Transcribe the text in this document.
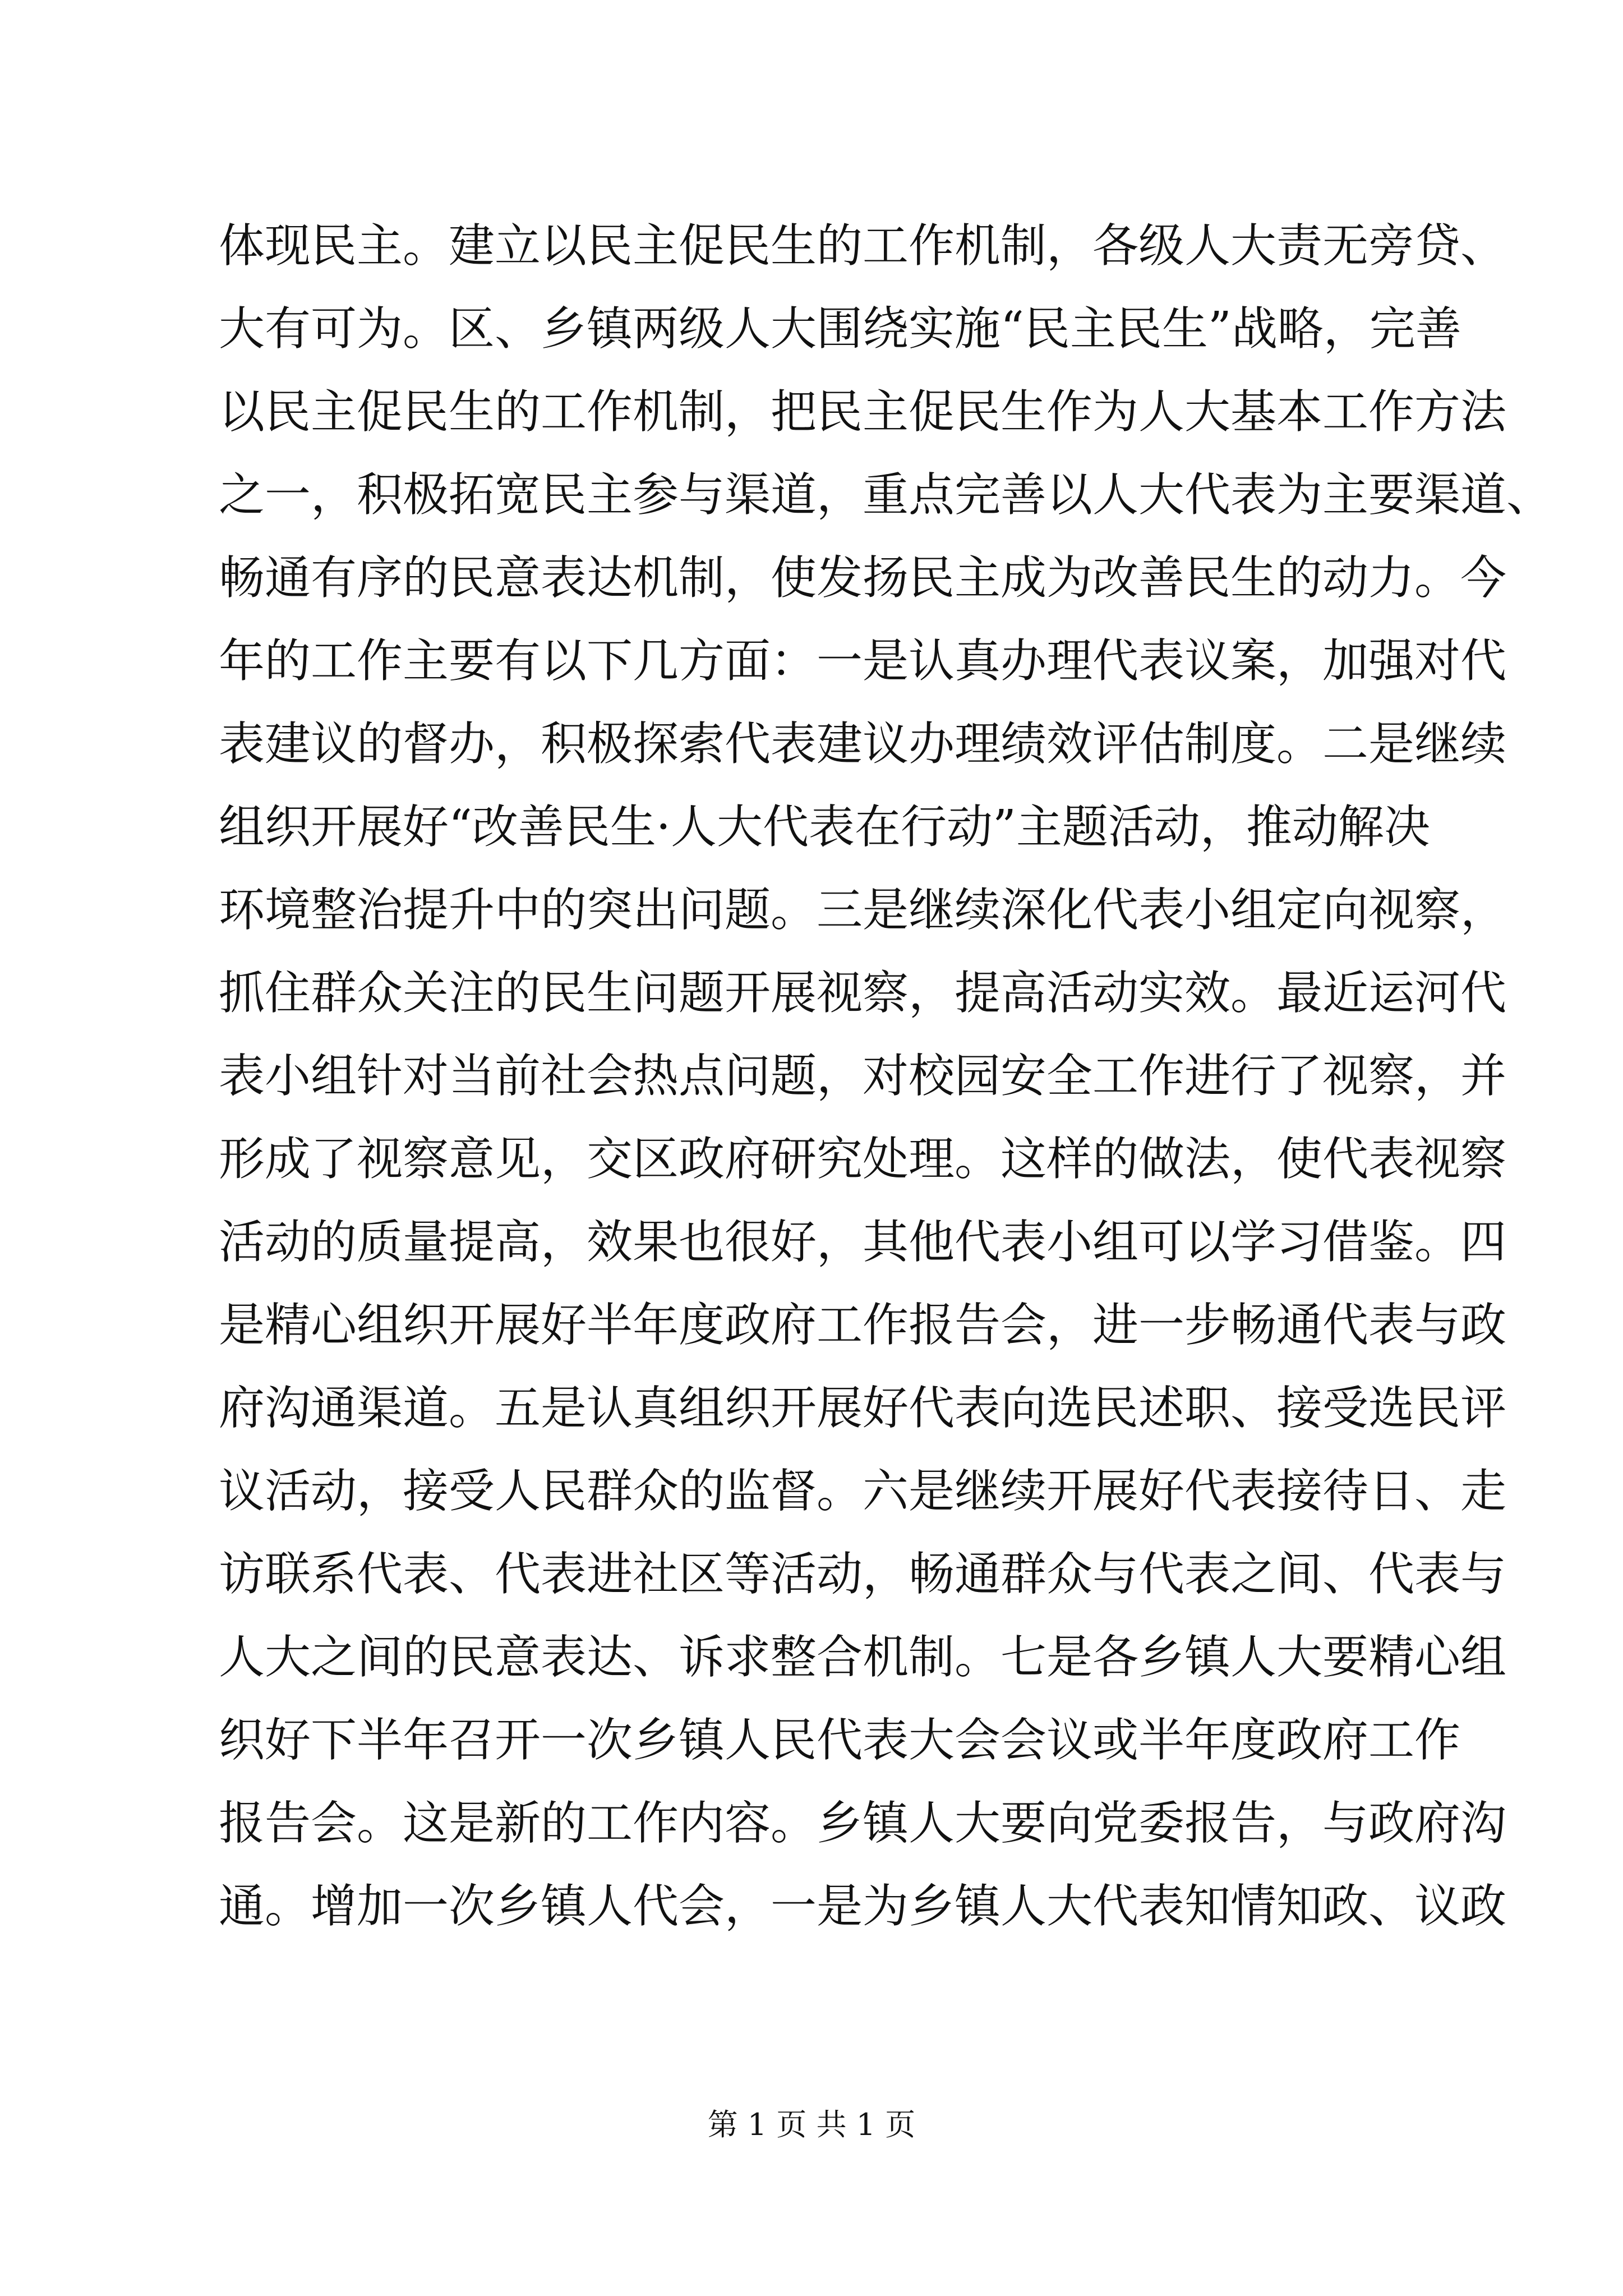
体现民主。建立以民主促民生的工作机制，各级人大责无旁贷、
大有可为。区、乡镇两级人大围绕实施“民主民生”战略，完善
以民主促民生的工作机制，把民主促民生作为人大基本工作方法
之一，积极拓宽民主参与渠道，重点完善以人大代表为主要渠道、
畅通有序的民意表达机制，使发扬民主成为改善民生的动力。今
年的工作主要有以下几方面：一是认真办理代表议案，加强对代
表建议的督办，积极探索代表建议办理绩效评估制度。二是继续
组织开展好“改善民生·人大代表在行动”主题活动，推动解决
环境整治提升中的突出问题。三是继续深化代表小组定向视察，
抓住群众关注的民生问题开展视察，提高活动实效。最近运河代
表小组针对当前社会热点问题，对校园安全工作进行了视察，并
形成了视察意见，交区政府研究处理。这样的做法，使代表视察
活动的质量提高，效果也很好，其他代表小组可以学习借鉴。四
是精心组织开展好半年度政府工作报告会，进一步畅通代表与政
府沟通渠道。五是认真组织开展好代表向选民述职、接受选民评
议活动，接受人民群众的监督。六是继续开展好代表接待日、走
访联系代表、代表进社区等活动，畅通群众与代表之间、代表与
人大之间的民意表达、诉求整合机制。七是各乡镇人大要精心组
织好下半年召开一次乡镇人民代表大会会议或半年度政府工作
报告会。这是新的工作内容。乡镇人大要向党委报告，与政府沟
通。增加一次乡镇人代会，一是为乡镇人大代表知情知政、议政
第 1 页 共 1 页
